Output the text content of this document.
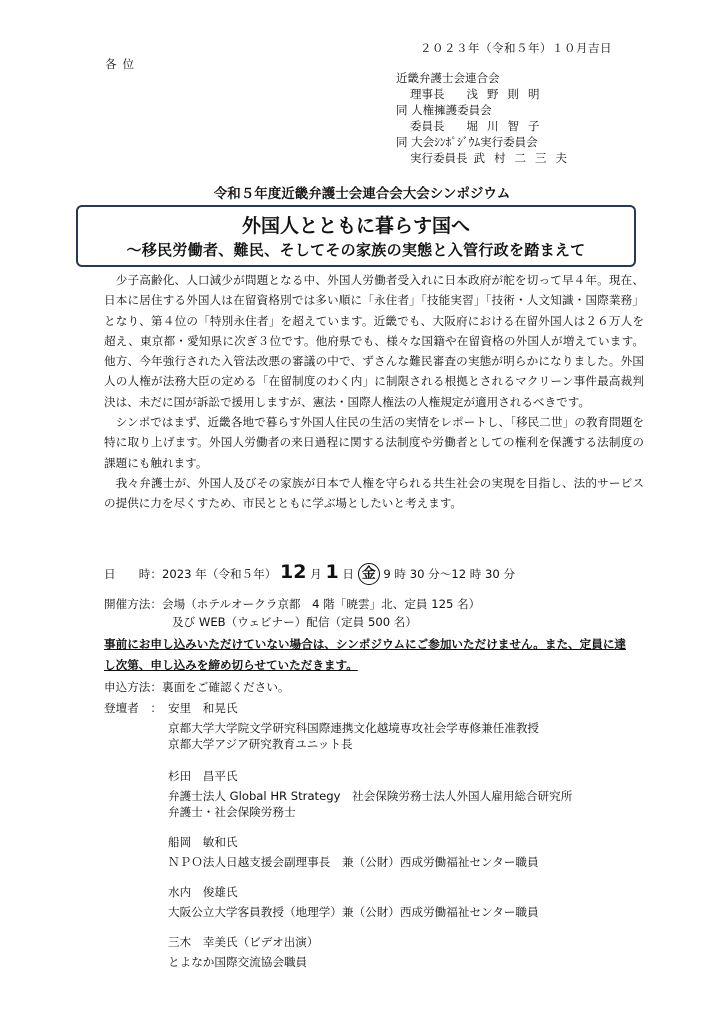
２０２３年（令和５年）１０月吉日
各位
近畿弁護士会連合会
理事長 浅野則明
同 人権擁護委員会
委員長 堀川智子
同 大会ｼﾝﾎﾟｼﾞｳﾑ実行委員会
実行委員長 武村二三夫
令和５年度近畿弁護士会連合会大会シンポジウム
外国人とともに暮らす国へ
～移民労働者、難民、そしてその家族の実態と入管行政を踏まえて

　少子高齢化、人口減少が問題となる中、外国人労働者受入れに日本政府が舵を切って早４年。現在、日本に居住する外国人は在留資格別では多い順に「永住者」「技能実習」「技術・人文知識・国際業務」となり、第４位の「特別永住者」を超えています。近畿でも、大阪府における在留外国人は２６万人を超え、東京都・愛知県に次ぎ３位です。他府県でも、様々な国籍や在留資格の外国人が増えています。他方、今年強行された入管法改悪の審議の中で、ずさんな難民審査の実態が明らかになりました。外国人の人権が法務大臣の定める「在留制度のわく内」に制限される根拠とされるマクリーン事件最高裁判決は、未だに国が訴訟で援用しますが、憲法・国際人権法の人権規定が適用されるべきです。

　シンポではまず、近畿各地で暮らす外国人住民の生活の実情をレポートし、「移民二世」の教育問題を特に取り上げます。外国人労働者の来日過程に関する法制度や労働者としての権利を保護する法制度の課題にも触れます。

　我々弁護士が、外国人及びその家族が日本で人権を守られる共生社会の実現を目指し、法的サービスの提供に力を尽くすため、市民とともに学ぶ場としたいと考えます。

日　　時：2023 年（令和５年） 12 月 1 日 金 9 時 30 分～12 時 30 分
開催方法：会場（ホテルオークラ京都　4 階「暁雲」北、定員 125 名）
及び WEB（ウェビナー）配信（定員 500 名）
事前にお申し込みいただけていない場合は、シンポジウムにご参加いただけません。また、定員に達し次第、申し込みを締め切らせていただきます。
申込方法：裏面をご確認ください。
登壇者　： 安里　和晃氏
京都大学大学院文学研究科国際連携文化越境専攻社会学専修兼任准教授
京都大学アジア研究教育ユニット長
杉田　昌平氏
弁護士法人 Global HR Strategy　社会保険労務士法人外国人雇用総合研究所
弁護士・社会保険労務士
船岡　敏和氏
ＮＰＯ法人日越支援会副理事長　兼（公財）西成労働福祉センター職員
水内　俊雄氏
大阪公立大学客員教授（地理学）兼（公財）西成労働福祉センター職員
三木　幸美氏（ビデオ出演）
とよなか国際交流協会職員
